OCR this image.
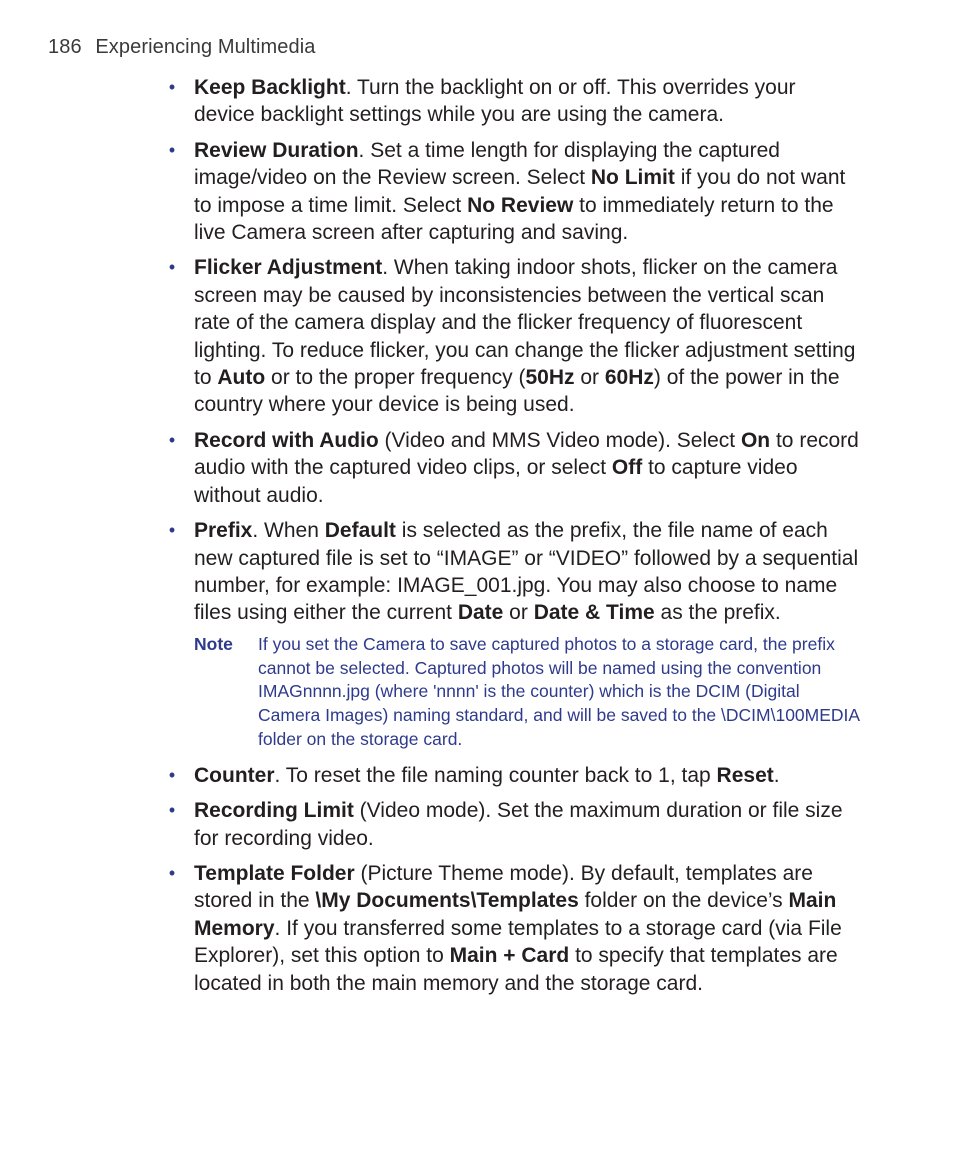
186 Experiencing Multimedia
• Keep Backlight. Turn the backlight on or off. This overrides your device backlight settings while you are using the camera.
• Review Duration. Set a time length for displaying the captured image/video on the Review screen. Select No Limit if you do not want to impose a time limit. Select No Review to immediately return to the live Camera screen after capturing and saving.
• Flicker Adjustment. When taking indoor shots, flicker on the camera screen may be caused by inconsistencies between the vertical scan rate of the camera display and the flicker frequency of fluorescent lighting. To reduce flicker, you can change the flicker adjustment setting to Auto or to the proper frequency (50Hz or 60Hz) of the power in the country where your device is being used.
• Record with Audio (Video and MMS Video mode). Select On to record audio with the captured video clips, or select Off to capture video without audio.
• Prefix. When Default is selected as the prefix, the file name of each new captured file is set to “IMAGE” or “VIDEO” followed by a sequential number, for example: IMAGE_001.jpg. You may also choose to name files using either the current Date or Date & Time as the prefix.
Note If you set the Camera to save captured photos to a storage card, the prefix cannot be selected. Captured photos will be named using the convention IMAGnnnn.jpg (where 'nnnn' is the counter) which is the DCIM (Digital Camera Images) naming standard, and will be saved to the \DCIM\100MEDIA folder on the storage card.
• Counter. To reset the file naming counter back to 1, tap Reset.
• Recording Limit (Video mode). Set the maximum duration or file size for recording video.
• Template Folder (Picture Theme mode). By default, templates are stored in the \My Documents\Templates folder on the device’s Main Memory. If you transferred some templates to a storage card (via File Explorer), set this option to Main + Card to specify that templates are located in both the main memory and the storage card.
